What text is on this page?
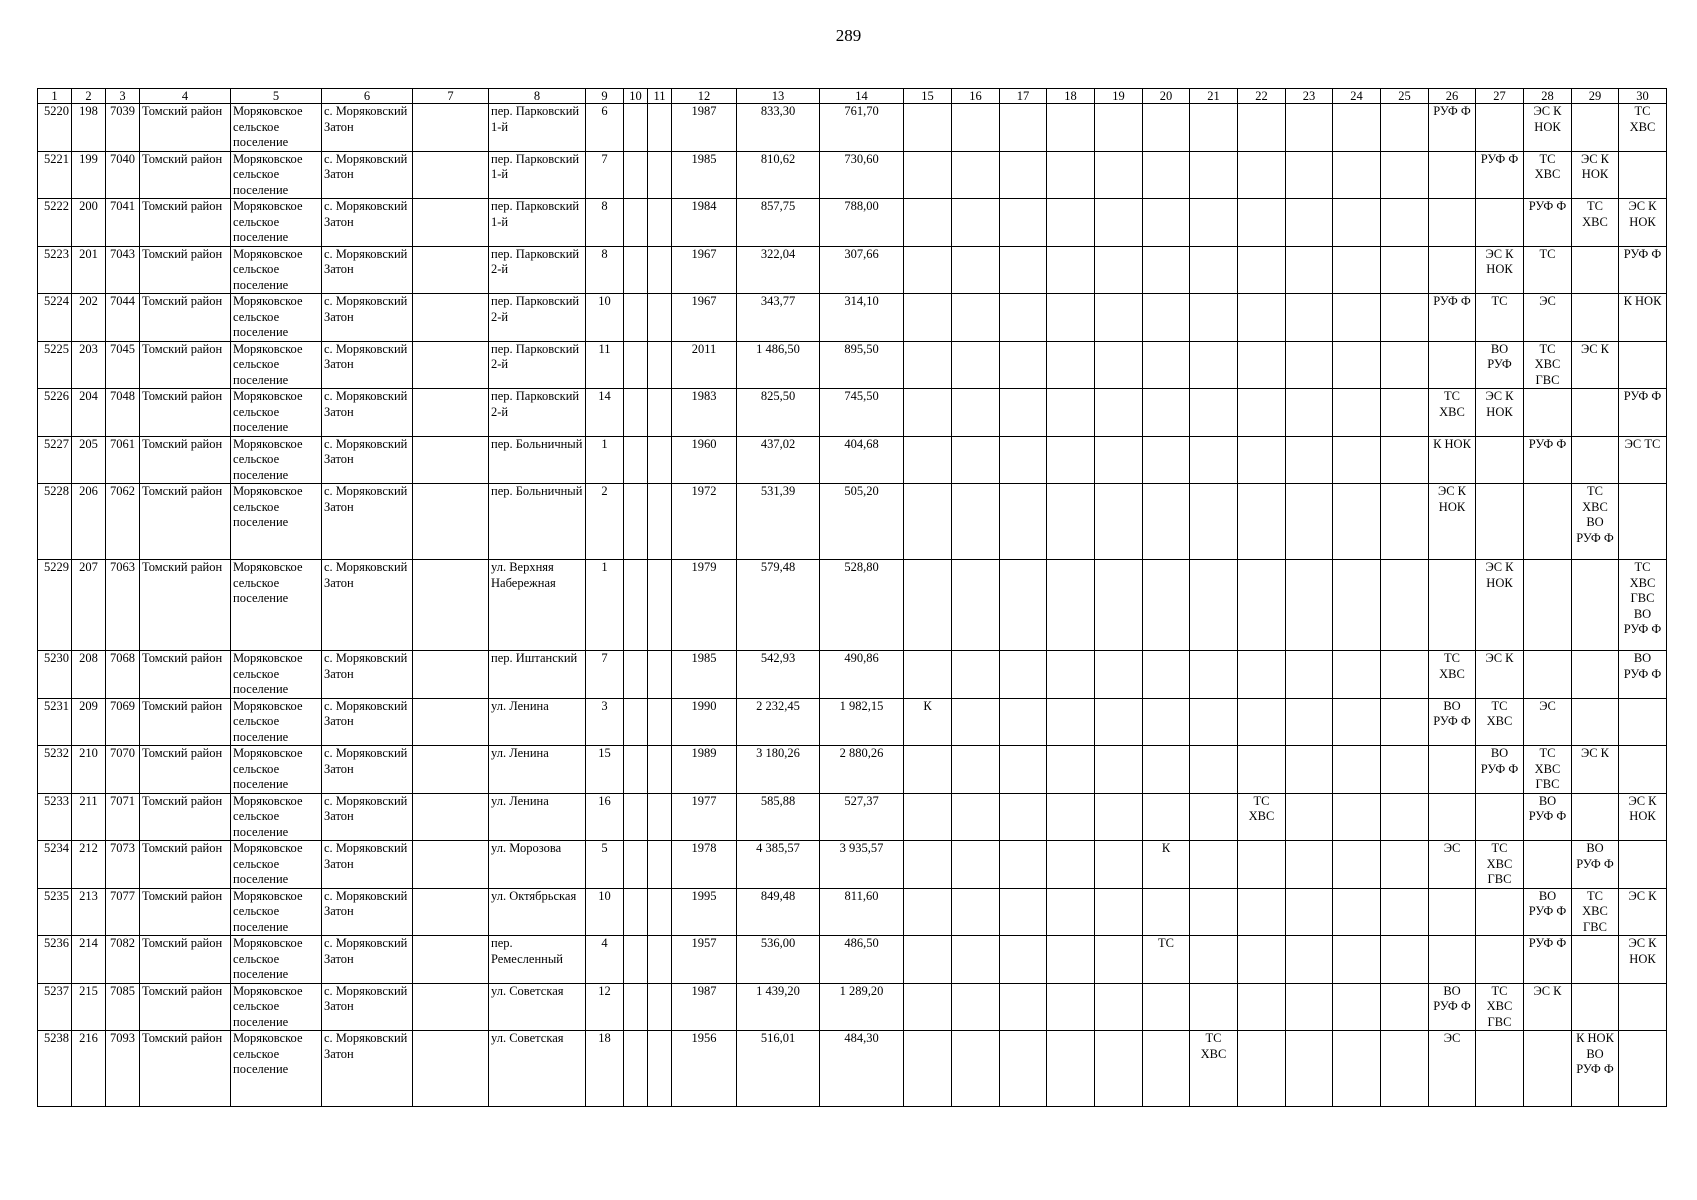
289
1	2	3	4	5	6	7	8	9	10	11	12	13	14	15	16	17	18	19	20	21	22	23	24	25	26	27	28	29	30
5220	198	7039	Томский район	Моряковское сельское поселение	с. Моряковский Затон		пер. Парковский 1-й	6			1987	833,30	761,70												РУФ Ф		ЭС К НОК		ТС ХВС
5221	199	7040	Томский район	Моряковское сельское поселение	с. Моряковский Затон		пер. Парковский 1-й	7			1985	810,62	730,60													РУФ Ф	ТС ХВС	ЭС К НОК	
5222	200	7041	Томский район	Моряковское сельское поселение	с. Моряковский Затон		пер. Парковский 1-й	8			1984	857,75	788,00														РУФ Ф	ТС ХВС	ЭС К НОК
5223	201	7043	Томский район	Моряковское сельское поселение	с. Моряковский Затон		пер. Парковский 2-й	8			1967	322,04	307,66													ЭС К НОК	ТС		РУФ Ф
5224	202	7044	Томский район	Моряковское сельское поселение	с. Моряковский Затон		пер. Парковский 2-й	10			1967	343,77	314,10												РУФ Ф	ТС	ЭС		К НОК
5225	203	7045	Томский район	Моряковское сельское поселение	с. Моряковский Затон		пер. Парковский 2-й	11			2011	1 486,50	895,50													ВО РУФ	ТС ХВС ГВС	ЭС К	
5226	204	7048	Томский район	Моряковское сельское поселение	с. Моряковский Затон		пер. Парковский 2-й	14			1983	825,50	745,50												ТС ХВС	ЭС К НОК			РУФ Ф
5227	205	7061	Томский район	Моряковское сельское поселение	с. Моряковский Затон		пер. Больничный	1			1960	437,02	404,68												К НОК		РУФ Ф		ЭС ТС
5228	206	7062	Томский район	Моряковское сельское поселение	с. Моряковский Затон		пер. Больничный	2			1972	531,39	505,20												ЭС К НОК			ТС ХВС ВО РУФ Ф	
5229	207	7063	Томский район	Моряковское сельское поселение	с. Моряковский Затон		ул. Верхняя Набережная	1			1979	579,48	528,80													ЭС К НОК			ТС ХВС ГВС ВО РУФ Ф
5230	208	7068	Томский район	Моряковское сельское поселение	с. Моряковский Затон		пер. Иштанский	7			1985	542,93	490,86												ТС ХВС	ЭС К			ВО РУФ Ф
5231	209	7069	Томский район	Моряковское сельское поселение	с. Моряковский Затон		ул. Ленина	3			1990	2 232,45	1 982,15	К											ВО РУФ Ф	ТС ХВС	ЭС		
5232	210	7070	Томский район	Моряковское сельское поселение	с. Моряковский Затон		ул. Ленина	15			1989	3 180,26	2 880,26													ВО РУФ Ф	ТС ХВС ГВС	ЭС К	
5233	211	7071	Томский район	Моряковское сельское поселение	с. Моряковский Затон		ул. Ленина	16			1977	585,88	527,37								ТС ХВС						ВО РУФ Ф		ЭС К НОК
5234	212	7073	Томский район	Моряковское сельское поселение	с. Моряковский Затон		ул. Морозова	5			1978	4 385,57	3 935,57						К						ЭС	ТС ХВС ГВС		ВО РУФ Ф	
5235	213	7077	Томский район	Моряковское сельское поселение	с. Моряковский Затон		ул. Октябрьская	10			1995	849,48	811,60														ВО РУФ Ф	ТС ХВС ГВС	ЭС К
5236	214	7082	Томский район	Моряковское сельское поселение	с. Моряковский Затон		пер. Ремесленный	4			1957	536,00	486,50						ТС								РУФ Ф		ЭС К НОК
5237	215	7085	Томский район	Моряковское сельское поселение	с. Моряковский Затон		ул. Советская	12			1987	1 439,20	1 289,20												ВО РУФ Ф	ТС ХВС ГВС	ЭС К		
5238	216	7093	Томский район	Моряковское сельское поселение	с. Моряковский Затон		ул. Советская	18			1956	516,01	484,30							ТС ХВС					ЭС			К НОК ВО РУФ Ф	
